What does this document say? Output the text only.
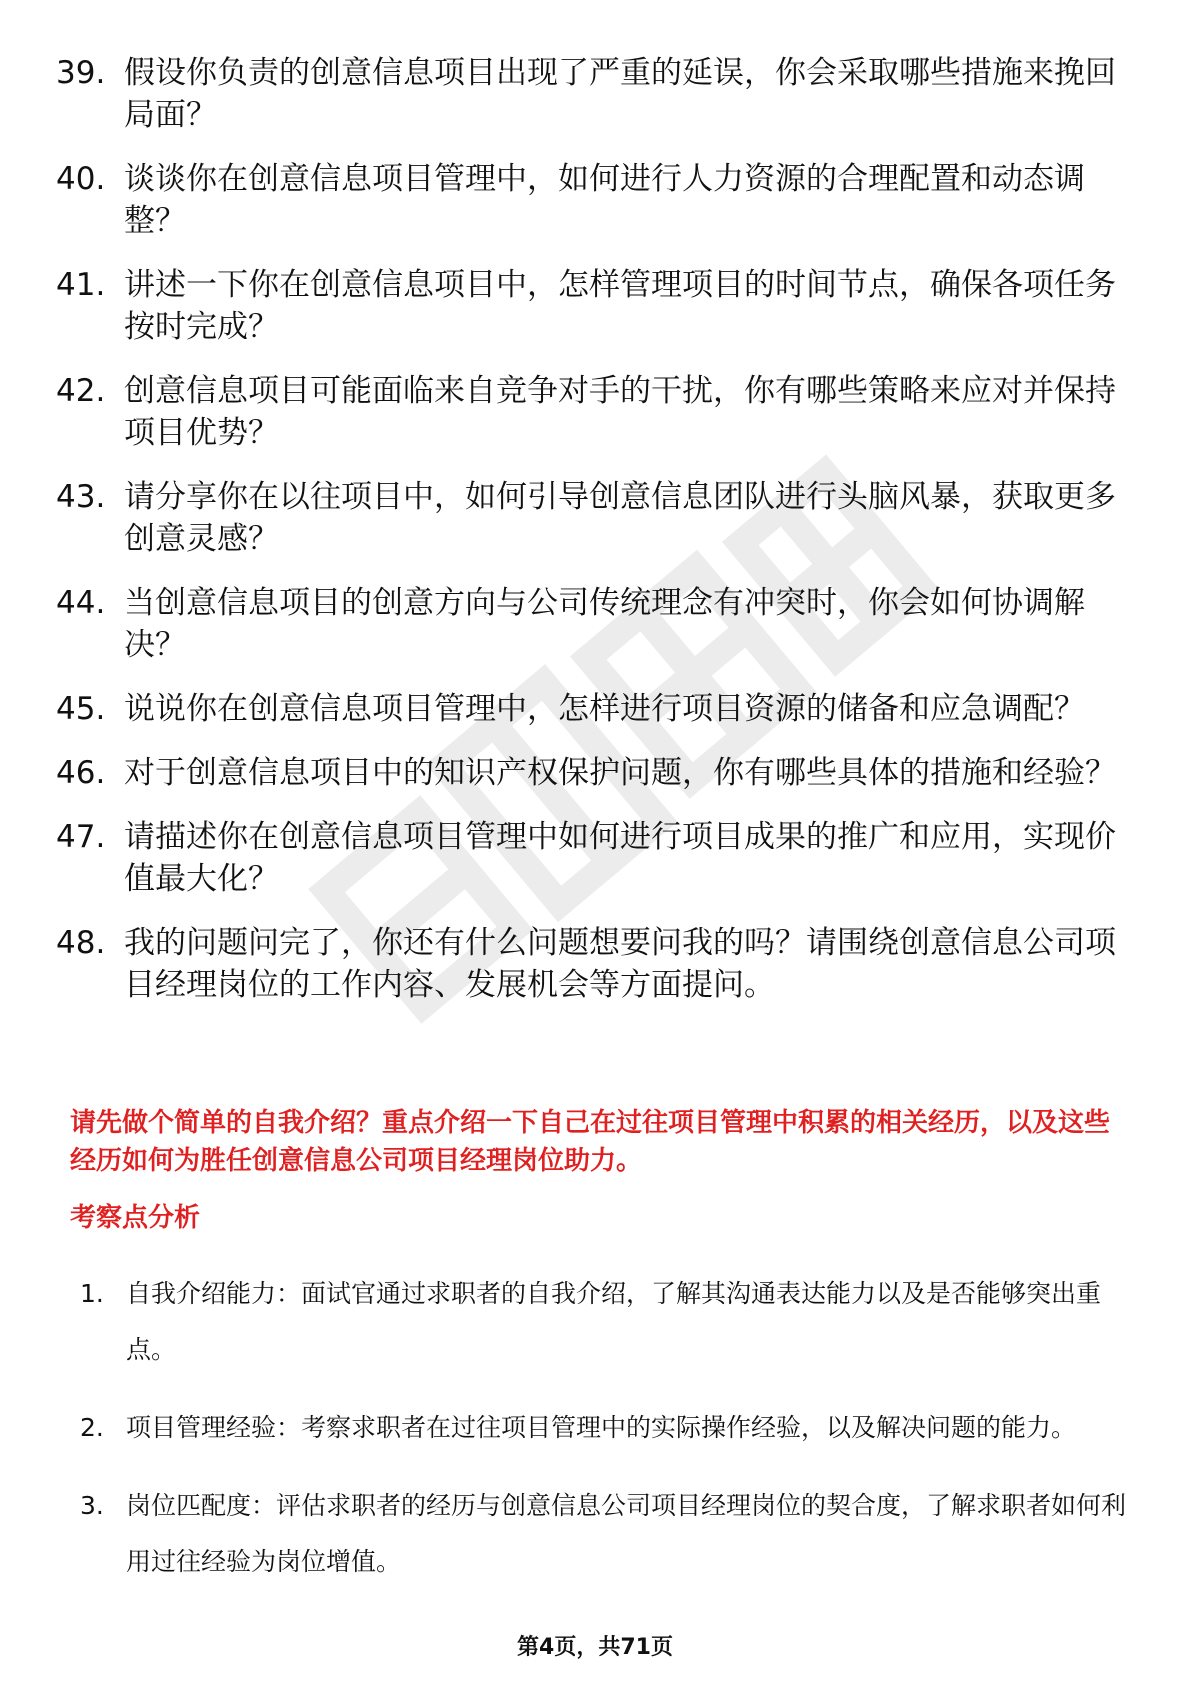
39. 假设你负责的创意信息项目出现了严重的延误，你会采取哪些措施来挽回局面？
40. 谈谈你在创意信息项目管理中，如何进行人力资源的合理配置和动态调整？
41. 讲述一下你在创意信息项目中，怎样管理项目的时间节点，确保各项任务按时完成？
42. 创意信息项目可能面临来自竞争对手的干扰，你有哪些策略来应对并保持项目优势？
43. 请分享你在以往项目中，如何引导创意信息团队进行头脑风暴，获取更多创意灵感？
44. 当创意信息项目的创意方向与公司传统理念有冲突时，你会如何协调解决？
45. 说说你在创意信息项目管理中，怎样进行项目资源的储备和应急调配？
46. 对于创意信息项目中的知识产权保护问题，你有哪些具体的措施和经验？
47. 请描述你在创意信息项目管理中如何进行项目成果的推广和应用，实现价值最大化？
48. 我的问题问完了，你还有什么问题想要问我的吗？请围绕创意信息公司项目经理岗位的工作内容、发展机会等方面提问。
请先做个简单的自我介绍？重点介绍一下自己在过往项目管理中积累的相关经历，以及这些经历如何为胜任创意信息公司项目经理岗位助力。
考察点分析
1. 自我介绍能力：面试官通过求职者的自我介绍，了解其沟通表达能力以及是否能够突出重点。
2. 项目管理经验：考察求职者在过往项目管理中的实际操作经验，以及解决问题的能力。
3. 岗位匹配度：评估求职者的经历与创意信息公司项目经理岗位的契合度，了解求职者如何利用过往经验为岗位增值。
第4页，共71页
